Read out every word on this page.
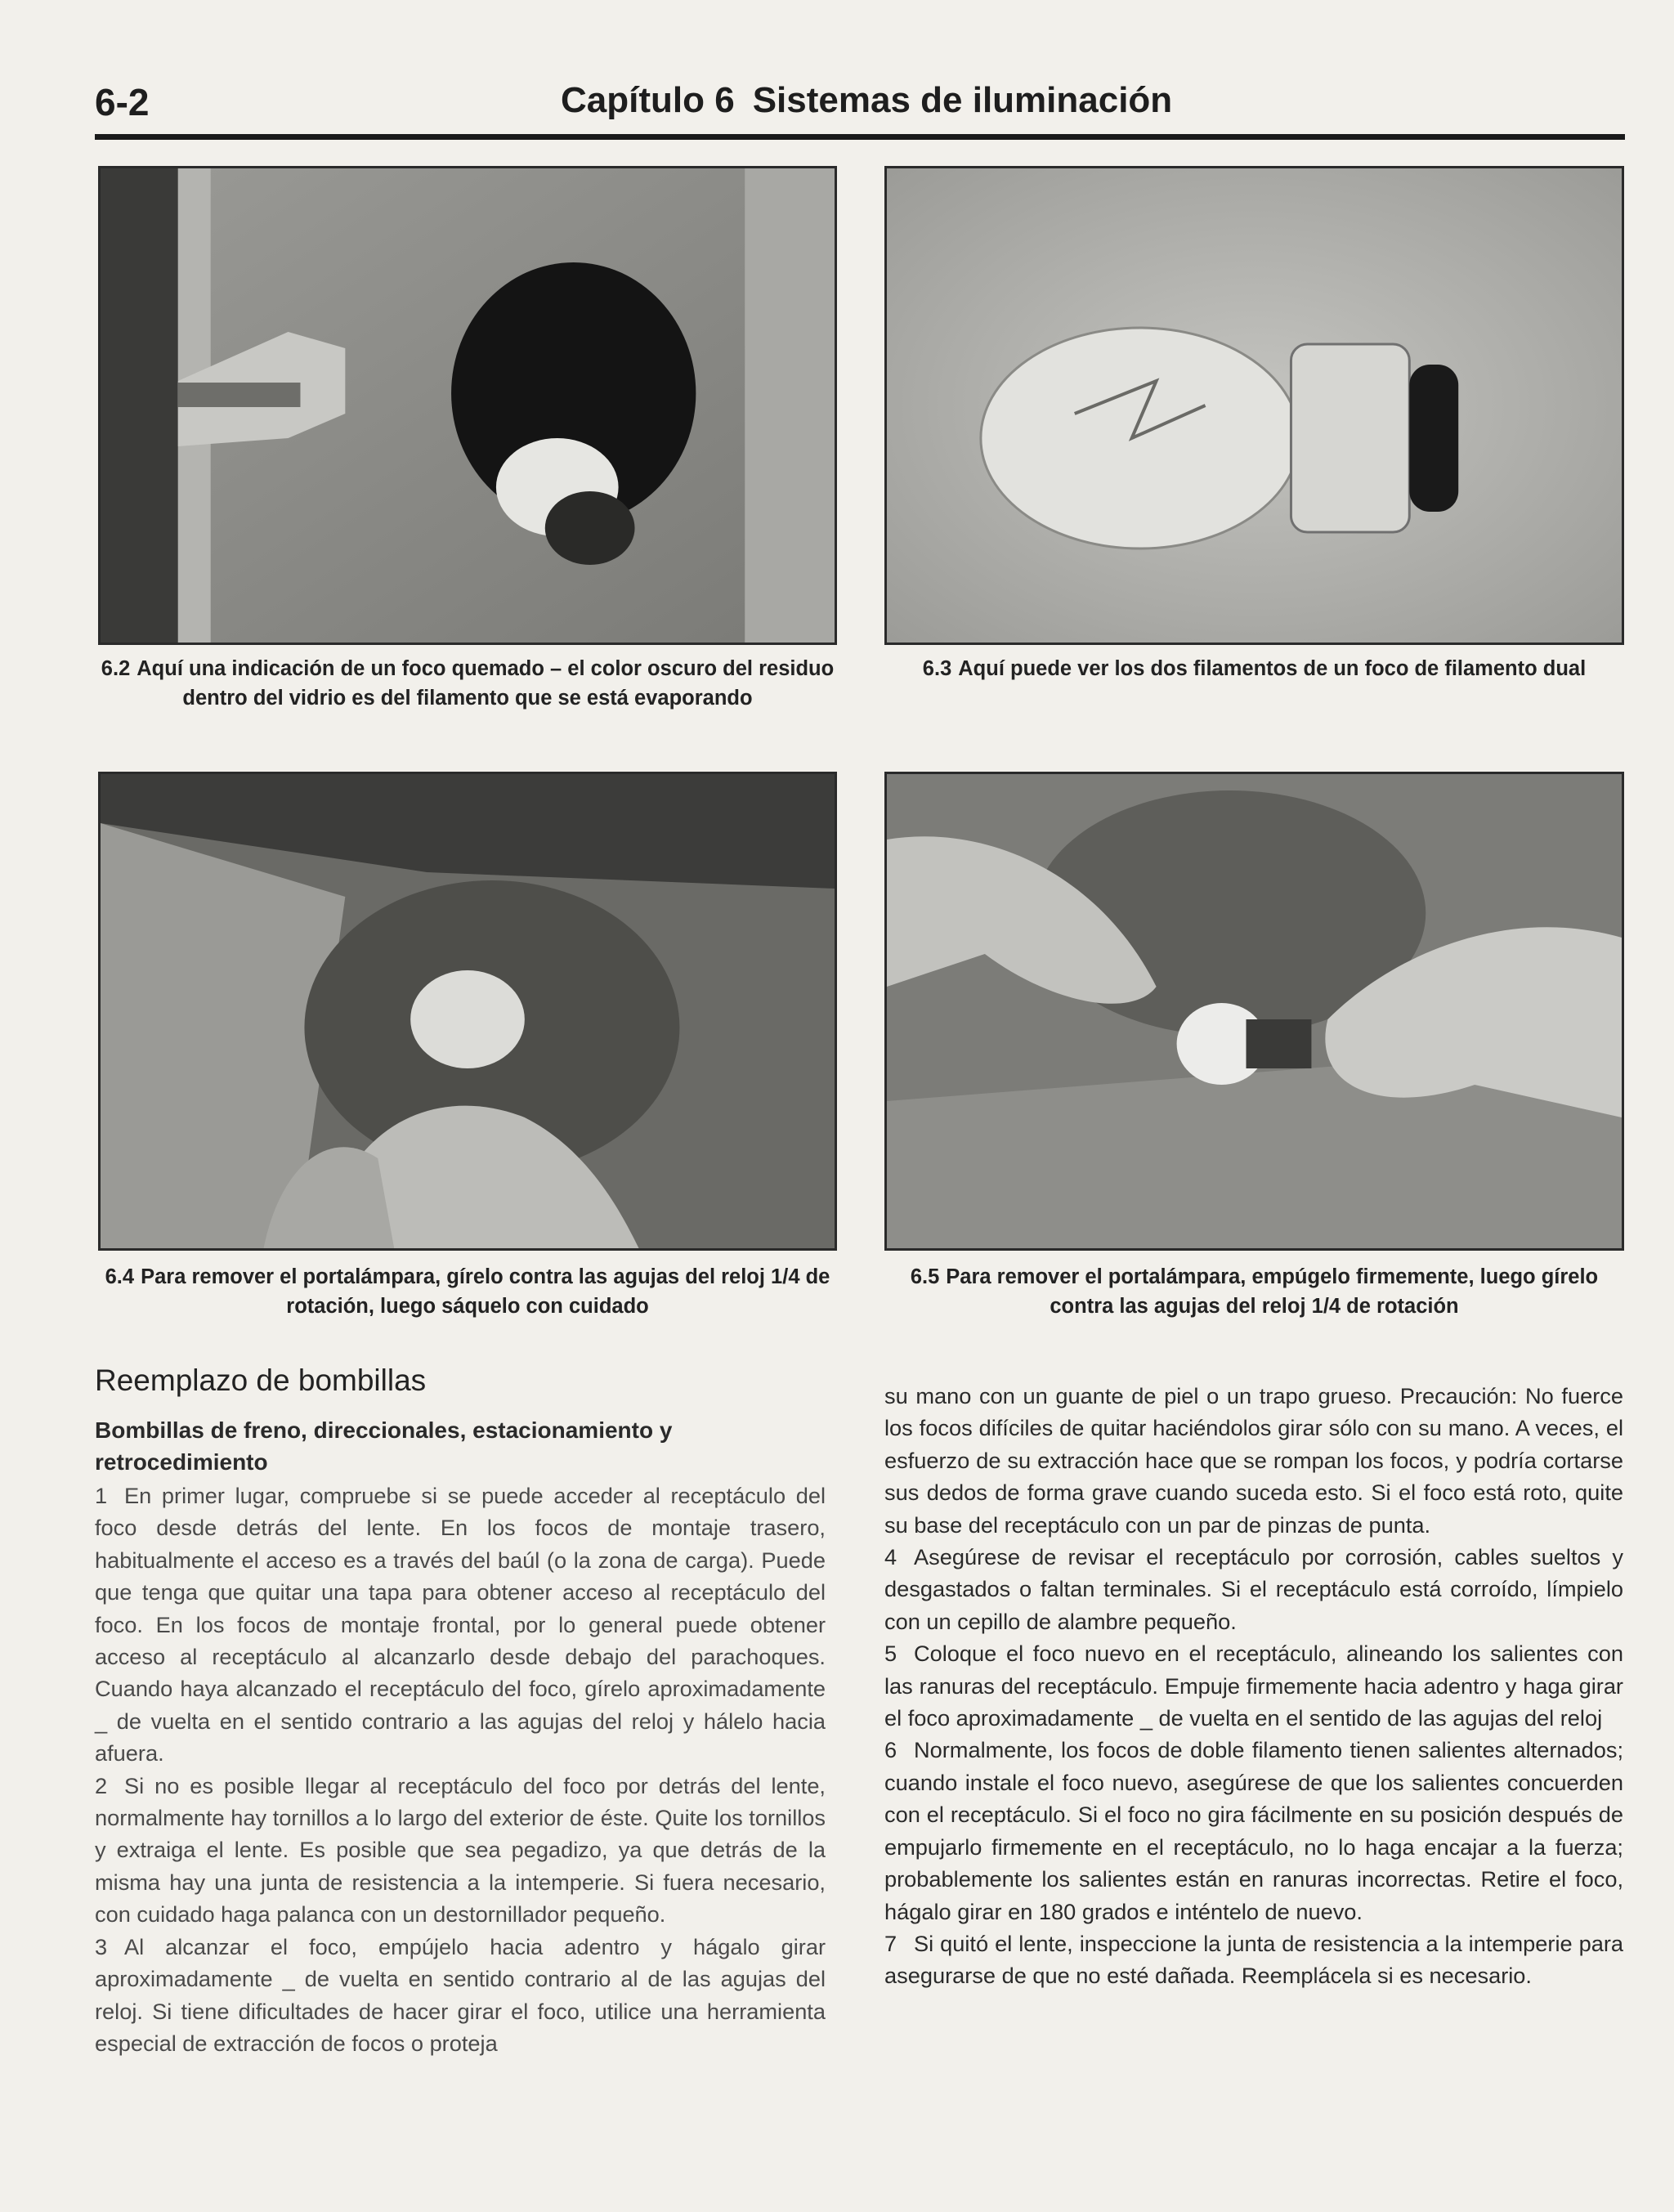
6-2	Capítulo 6 Sistemas de iluminación
6.2 Aquí una indicación de un foco quemado – el color oscuro del residuo dentro del vidrio es del filamento que se está evaporando
6.3 Aquí puede ver los dos filamentos de un foco de filamento dual
6.4 Para remover el portalámpara, gírelo contra las agujas del reloj 1/4 de rotación, luego sáquelo con cuidado
6.5 Para remover el portalámpara, empúgelo firmemente, luego gírelo contra las agujas del reloj 1/4 de rotación
Reemplazo de bombillas
Bombillas de freno, direccionales, estacionamiento y retrocedimiento

1 En primer lugar, compruebe si se puede acceder al receptáculo del foco desde detrás del lente. En los focos de montaje trasero, habitualmente el acceso es a través del baúl (o la zona de carga). Puede que tenga que quitar una tapa para obtener acceso al receptáculo del foco. En los focos de montaje frontal, por lo general puede obtener acceso al receptáculo al alcanzarlo desde debajo del parachoques. Cuando haya alcanzado el receptáculo del foco, gírelo aproximadamente _ de vuelta en el sentido contrario a las agujas del reloj y hálelo hacia afuera.

2 Si no es posible llegar al receptáculo del foco por detrás del lente, normalmente hay tornillos a lo largo del exterior de éste. Quite los tornillos y extraiga el lente. Es posible que sea pegadizo, ya que detrás de la misma hay una junta de resistencia a la intemperie. Si fuera necesario, con cuidado haga palanca con un destornillador pequeño.

3 Al alcanzar el foco, empújelo hacia adentro y hágalo girar aproximadamente _ de vuelta en sentido contrario al de las agujas del reloj. Si tiene dificultades de hacer girar el foco, utilice una herramienta especial de extracción de focos o proteja

su mano con un guante de piel o un trapo grueso. Precaución: No fuerce los focos difíciles de quitar haciéndolos girar sólo con su mano. A veces, el esfuerzo de su extracción hace que se rompan los focos, y podría cortarse sus dedos de forma grave cuando suceda esto. Si el foco está roto, quite su base del receptáculo con un par de pinzas de punta.

4 Asegúrese de revisar el receptáculo por corrosión, cables sueltos y desgastados o faltan terminales. Si el receptáculo está corroído, límpielo con un cepillo de alambre pequeño.

5 Coloque el foco nuevo en el receptáculo, alineando los salientes con las ranuras del receptáculo. Empuje firmemente hacia adentro y haga girar el foco aproximadamente _ de vuelta en el sentido de las agujas del reloj

6 Normalmente, los focos de doble filamento tienen salientes alternados; cuando instale el foco nuevo, asegúrese de que los salientes concuerden con el receptáculo. Si el foco no gira fácilmente en su posición después de empujarlo firmemente en el receptáculo, no lo haga encajar a la fuerza; probablemente los salientes están en ranuras incorrectas. Retire el foco, hágalo girar en 180 grados e inténtelo de nuevo.

7 Si quitó el lente, inspeccione la junta de resistencia a la intemperie para asegurarse de que no esté dañada. Reemplácela si es necesario.
